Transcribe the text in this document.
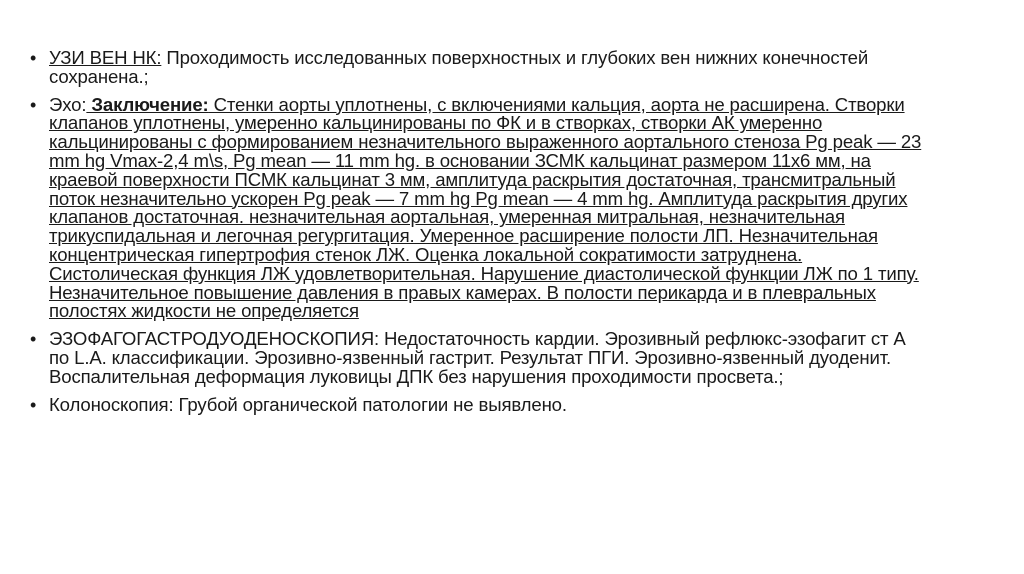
• УЗИ ВЕН НК: Проходимость исследованных поверхностных и глубоких вен нижних конечностей сохранена.;
• Эхо: Заключение: Стенки аорты уплотнены, с включениями кальция, аорта не расширена. Створки клапанов уплотнены, умеренно кальцинированы по ФК и в створках, створки АК умеренно кальцинированы с формированием незначительного выраженного аортального стеноза Pg peak — 23 mm hg Vmax-2,4 m\s, Pg mean — 11 mm hg. в основании ЗСМК кальцинат размером 11х6 мм, на краевой поверхности ПСМК кальцинат 3 мм, амплитуда раскрытия достаточная, трансмитральный поток незначительно ускорен Pg peak — 7 mm hg Pg mean — 4 mm hg. Амплитуда раскрытия других клапанов достаточная. незначительная аортальная, умеренная митральная, незначительная трикуспидальная и легочная регургитация. Умеренное расширение полости ЛП. Незначительная концентрическая гипертрофия стенок ЛЖ. Оценка локальной сократимости затруднена. Систолическая функция ЛЖ удовлетворительная. Нарушение диастолической функции ЛЖ по 1 типу. Незначительное повышение давления в правых камерах. В полости перикарда и в плевральных полостях жидкости не определяется
• ЭЗОФАГОГАСТРОДУОДЕНОСКОПИЯ: Недостаточность кардии. Эрозивный рефлюкс-эзофагит ст А по L.A. классификации. Эрозивно-язвенный гастрит. Результат ПГИ. Эрозивно-язвенный дуоденит. Воспалительная деформация луковицы ДПК без нарушения проходимости просвета.;
• Колоноскопия: Грубой органической патологии не выявлено.
